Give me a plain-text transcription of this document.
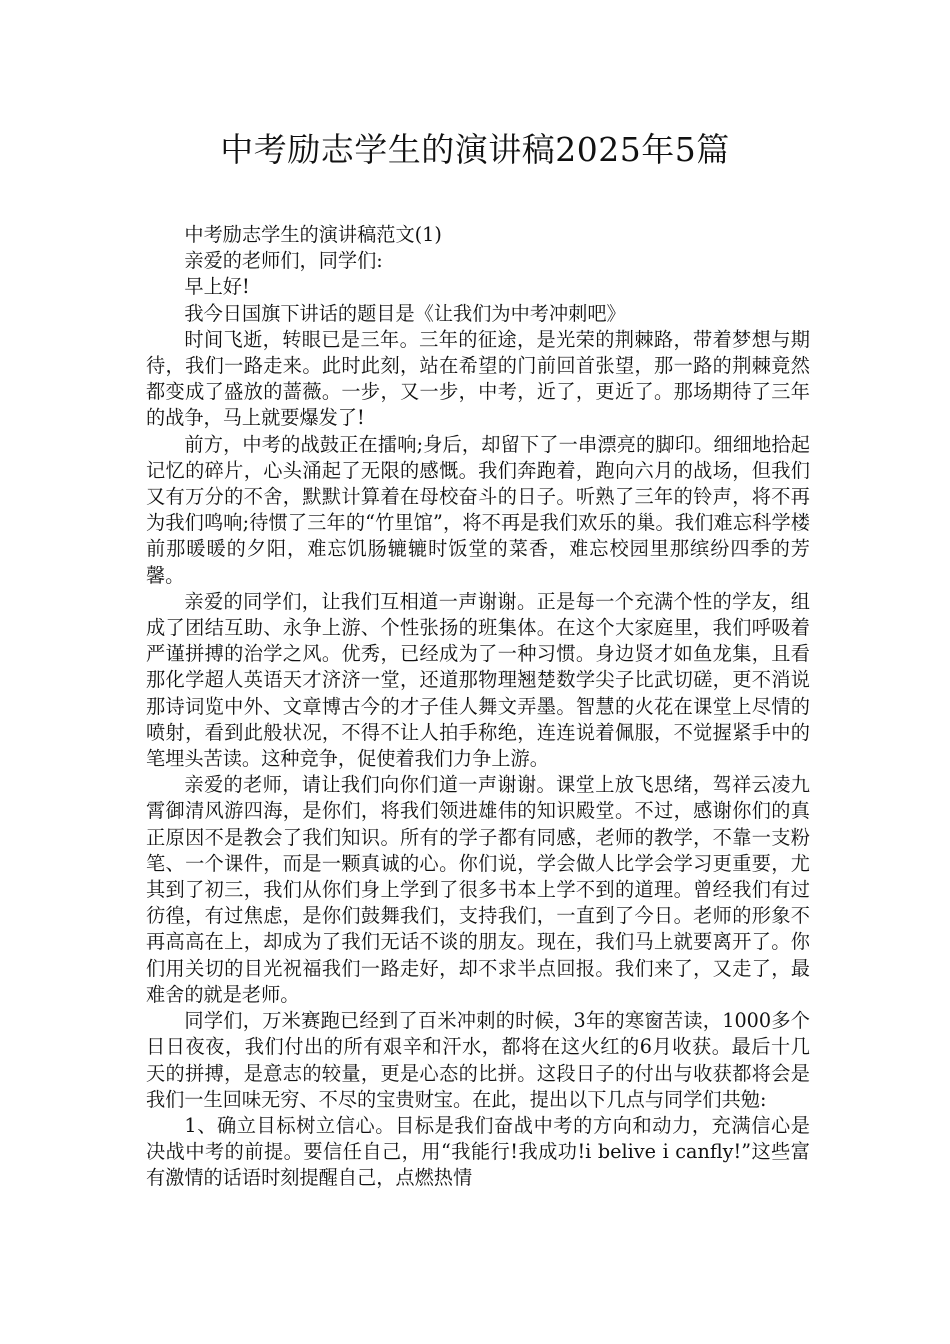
中考励志学生的演讲稿2025年5篇

中考励志学生的演讲稿范文(1)

亲爱的老师们，同学们:

早上好!

我今日国旗下讲话的题目是《让我们为中考冲刺吧》

时间飞逝，转眼已是三年。三年的征途，是光荣的荆棘路，带着梦想与期待，我们一路走来。此时此刻，站在希望的门前回首张望，那一路的荆棘竟然都变成了盛放的蔷薇。一步，又一步，中考，近了，更近了。那场期待了三年的战争，马上就要爆发了!

前方，中考的战鼓正在擂响;身后，却留下了一串漂亮的脚印。细细地拾起记忆的碎片，心头涌起了无限的感慨。我们奔跑着，跑向六月的战场，但我们又有万分的不舍，默默计算着在母校奋斗的日子。听熟了三年的铃声，将不再为我们鸣响;待惯了三年的“竹里馆”，将不再是我们欢乐的巢。我们难忘科学楼前那暖暖的夕阳，难忘饥肠辘辘时饭堂的菜香，难忘校园里那缤纷四季的芳馨。

亲爱的同学们，让我们互相道一声谢谢。正是每一个充满个性的学友，组成了团结互助、永争上游、个性张扬的班集体。在这个大家庭里，我们呼吸着严谨拼搏的治学之风。优秀，已经成为了一种习惯。身边贤才如鱼龙集，且看那化学超人英语天才济济一堂，还道那物理翘楚数学尖子比武切磋，更不消说那诗词览中外、文章博古今的才子佳人舞文弄墨。智慧的火花在课堂上尽情的喷射，看到此般状况，不得不让人拍手称绝，连连说着佩服，不觉握紧手中的笔埋头苦读。这种竞争，促使着我们力争上游。

亲爱的老师，请让我们向你们道一声谢谢。课堂上放飞思绪，驾祥云凌九霄御清风游四海，是你们，将我们领进雄伟的知识殿堂。不过，感谢你们的真正原因不是教会了我们知识。所有的学子都有同感，老师的教学，不靠一支粉笔、一个课件，而是一颗真诚的心。你们说，学会做人比学会学习更重要，尤其到了初三，我们从你们身上学到了很多书本上学不到的道理。曾经我们有过彷徨，有过焦虑，是你们鼓舞我们，支持我们，一直到了今日。老师的形象不再高高在上，却成为了我们无话不谈的朋友。现在，我们马上就要离开了。你们用关切的目光祝福我们一路走好，却不求半点回报。我们来了，又走了，最难舍的就是老师。

同学们，万米赛跑已经到了百米冲刺的时候，3年的寒窗苦读，1000多个日日夜夜，我们付出的所有艰辛和汗水，都将在这火红的6月收获。最后十几天的拼搏，是意志的较量，更是心态的比拼。这段日子的付出与收获都将会是我们一生回味无穷、不尽的宝贵财宝。在此，提出以下几点与同学们共勉:

1、确立目标树立信心。目标是我们奋战中考的方向和动力，充满信心是决战中考的前提。要信任自己，用“我能行!我成功!i belive i canfly!”这些富有激情的话语时刻提醒自己，点燃热情
